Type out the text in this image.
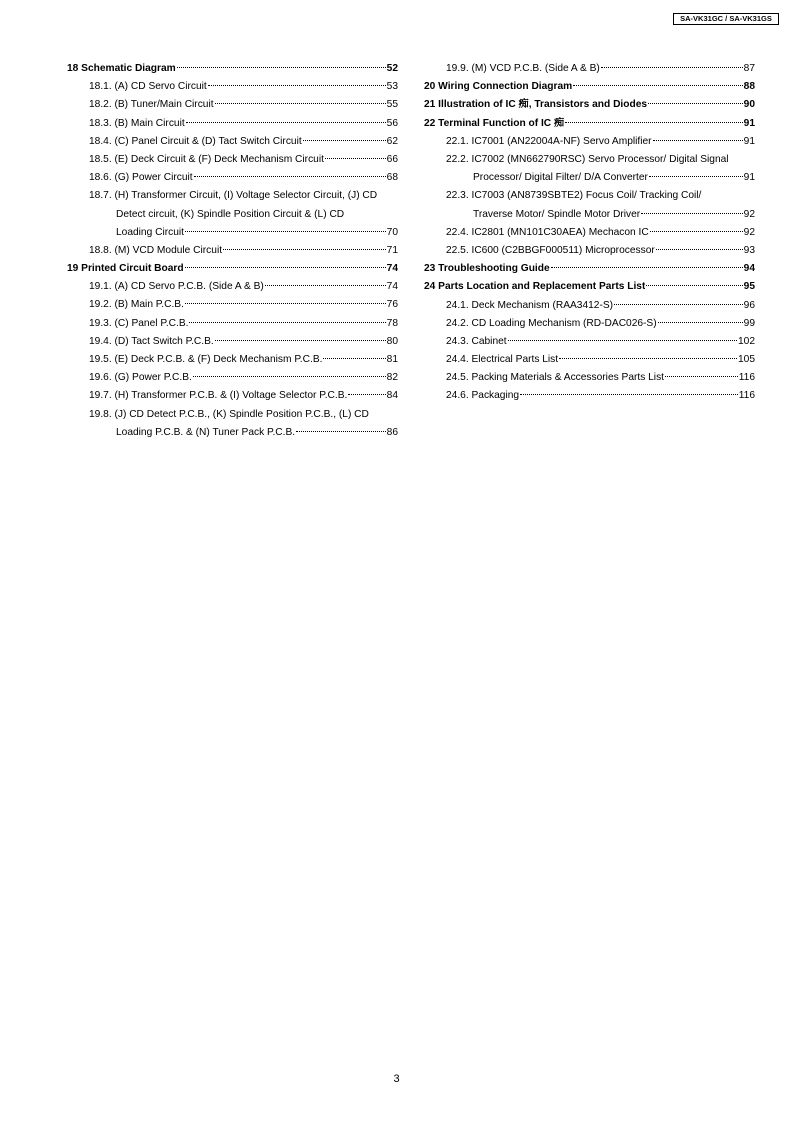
SA-VK31GC / SA-VK31GS
18 Schematic Diagram	52
18.1. (A) CD Servo Circuit	53
18.2. (B) Tuner/Main Circuit	55
18.3. (B) Main Circuit	56
18.4. (C) Panel Circuit & (D) Tact Switch Circuit	62
18.5. (E) Deck Circuit & (F) Deck Mechanism Circuit	66
18.6. (G) Power Circuit	68
18.7. (H) Transformer Circuit, (I) Voltage Selector Circuit, (J) CD
Detect circuit, (K) Spindle Position Circuit & (L) CD
Loading Circuit	70
18.8. (M) VCD Module Circuit	71
19 Printed Circuit Board	74
19.1. (A) CD Servo P.C.B. (Side A & B)	74
19.2. (B) Main P.C.B.	76
19.3. (C) Panel P.C.B.	78
19.4. (D) Tact Switch P.C.B.	80
19.5. (E) Deck P.C.B. & (F) Deck Mechanism P.C.B.	81
19.6. (G) Power P.C.B.	82
19.7. (H) Transformer P.C.B. & (I) Voltage Selector P.C.B.	84
19.8. (J) CD Detect P.C.B., (K) Spindle Position P.C.B., (L) CD
Loading P.C.B. & (N) Tuner Pack P.C.B.	86
19.9. (M) VCD P.C.B. (Side A & B)	87
20 Wiring Connection Diagram	88
21 Illustration of IC 痴, Transistors and Diodes	90
22 Terminal Function of IC 痴	91
22.1. IC7001 (AN22004A-NF) Servo Amplifier	91
22.2. IC7002 (MN662790RSC) Servo Processor/ Digital Signal
Processor/ Digital Filter/ D/A Converter	91
22.3. IC7003 (AN8739SBTE2) Focus Coil/ Tracking Coil/
Traverse Motor/ Spindle Motor Driver	92
22.4. IC2801 (MN101C30AEA) Mechacon IC	92
22.5. IC600 (C2BBGF000511) Microprocessor	93
23 Troubleshooting Guide	94
24 Parts Location and Replacement Parts List	95
24.1. Deck Mechanism (RAA3412-S)	96
24.2. CD Loading Mechanism (RD-DAC026-S)	99
24.3. Cabinet	102
24.4. Electrical Parts List	105
24.5. Packing Materials & Accessories Parts List	116
24.6. Packaging	116
3
